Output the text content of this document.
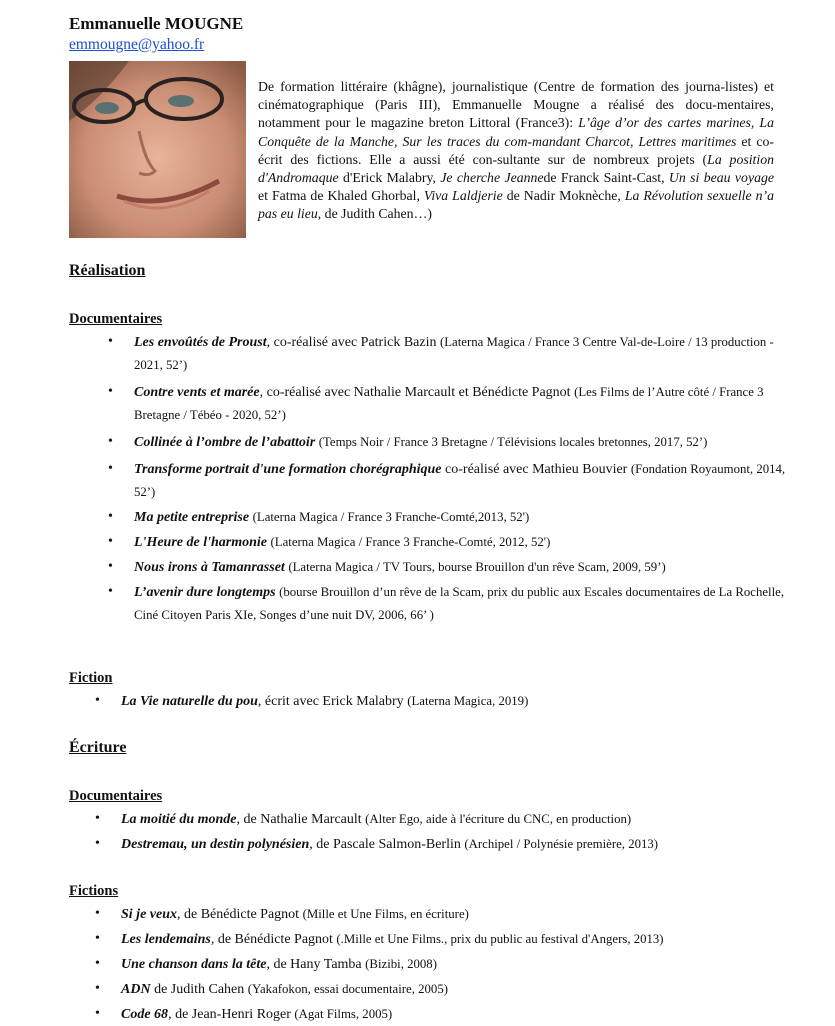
Emmanuelle MOUGNE
emmougne@yahoo.fr

De formation littéraire (khâgne), journalistique (Centre de formation des journa-listes) et cinématographique (Paris III), Emmanuelle Mougne a réalisé des docu-mentaires, notamment pour le magazine breton Littoral (France3): L’âge d’or des cartes marines, La Conquête de la Manche, Sur les traces du com-mandant Charcot, Lettres maritimes et co-écrit des fictions. Elle a aussi été con-sultante sur de nombreux projets (La position d'Andromaque d'Erick Malabry, Je cherche Jeannede Franck Saint-Cast, Un si beau voyage et Fatma de Khaled Ghorbal, Viva Laldjerie de Nadir Moknèche, La Révolution sexuelle n’a pas eu lieu, de Judith Cahen…)

Réalisation
Documentaires
• Les envoûtés de Proust, co-réalisé avec Patrick Bazin (Laterna Magica / France 3 Centre Val-de-Loire / 13 production - 2021, 52’)
• Contre vents et marée, co-réalisé avec Nathalie Marcault et Bénédicte Pagnot (Les Films de l’Autre côté / France 3 Bretagne / Tébéo - 2020, 52’)
• Collinée à l’ombre de l’abattoir (Temps Noir / France 3 Bretagne / Télévisions locales bretonnes, 2017, 52’)
• Transforme portrait d'une formation chorégraphique co-réalisé avec Mathieu Bouvier (Fondation Royaumont, 2014, 52’)
• Ma petite entreprise (Laterna Magica / France 3 Franche-Comté,2013, 52')
• L'Heure de l'harmonie (Laterna Magica / France 3 Franche-Comté, 2012, 52')
• Nous irons à Tamanrasset (Laterna Magica / TV Tours, bourse Brouillon d'un rêve Scam, 2009, 59’)
• L’avenir dure longtemps (bourse Brouillon d’un rêve de la Scam, prix du public aux Escales documentaires de La Rochelle, Ciné Citoyen Paris XIe, Songes d’une nuit DV, 2006, 66’ )
Fiction
• La Vie naturelle du pou, écrit avec Erick Malabry (Laterna Magica, 2019)
Écriture
Documentaires
• La moitié du monde, de Nathalie Marcault (Alter Ego, aide à l'écriture du CNC, en production)
• Destremau, un destin polynésien, de Pascale Salmon-Berlin (Archipel / Polynésie première, 2013)
Fictions
• Si je veux, de Bénédicte Pagnot (Mille et Une Films, en écriture)
• Les lendemains, de Bénédicte Pagnot (.Mille et Une Films., prix du public au festival d'Angers, 2013)
• Une chanson dans la tête, de Hany Tamba (Bizibi, 2008)
• ADN de Judith Cahen (Yakafokon, essai documentaire, 2005)
• Code 68, de Jean-Henri Roger (Agat Films, 2005)
